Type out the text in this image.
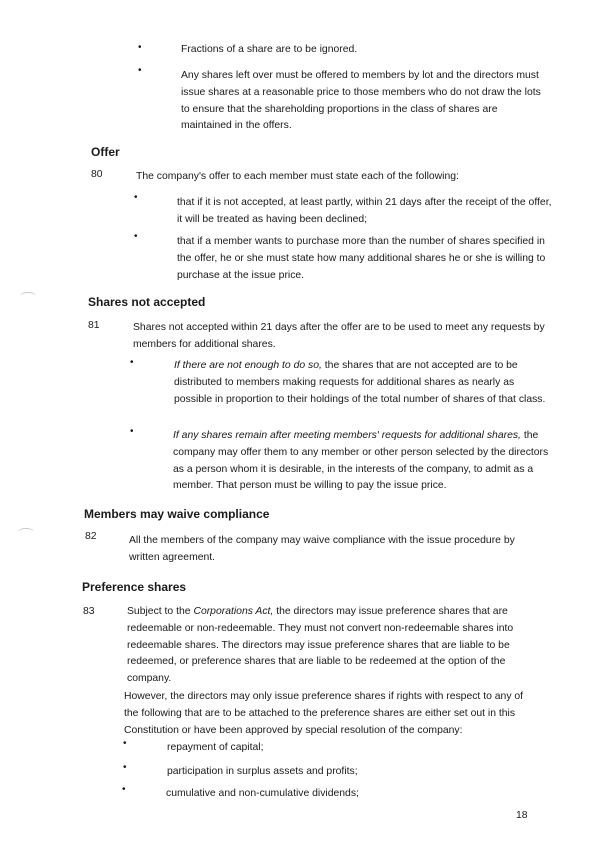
•	Fractions of a share are to be ignored.
•	Any shares left over must be offered to members by lot and the directors must issue shares at a reasonable price to those members who do not draw the lots to ensure that the shareholding proportions in the class of shares are maintained in the offers.
Offer
80	The company's offer to each member must state each of the following:
•	that if it is not accepted, at least partly, within 21 days after the receipt of the offer, it will be treated as having been declined;
•	that if a member wants to purchase more than the number of shares specified in the offer, he or she must state how many additional shares he or she is willing to purchase at the issue price.
Shares not accepted
81	Shares not accepted within 21 days after the offer are to be used to meet any requests by members for additional shares.
•	If there are not enough to do so, the shares that are not accepted are to be distributed to members making requests for additional shares as nearly as possible in proportion to their holdings of the total number of shares of that class.
•	If any shares remain after meeting members' requests for additional shares, the company may offer them to any member or other person selected by the directors as a person whom it is desirable, in the interests of the company, to admit as a member. That person must be willing to pay the issue price.
Members may waive compliance
82	All the members of the company may waive compliance with the issue procedure by written agreement.
Preference shares
83	Subject to the Corporations Act, the directors may issue preference shares that are redeemable or non-redeemable. They must not convert non-redeemable shares into redeemable shares. The directors may issue preference shares that are liable to be redeemed, or preference shares that are liable to be redeemed at the option of the company.
However, the directors may only issue preference shares if rights with respect to any of the following that are to be attached to the preference shares are either set out in this Constitution or have been approved by special resolution of the company:
•	repayment of capital;
•	participation in surplus assets and profits;
•	cumulative and non-cumulative dividends;
18
